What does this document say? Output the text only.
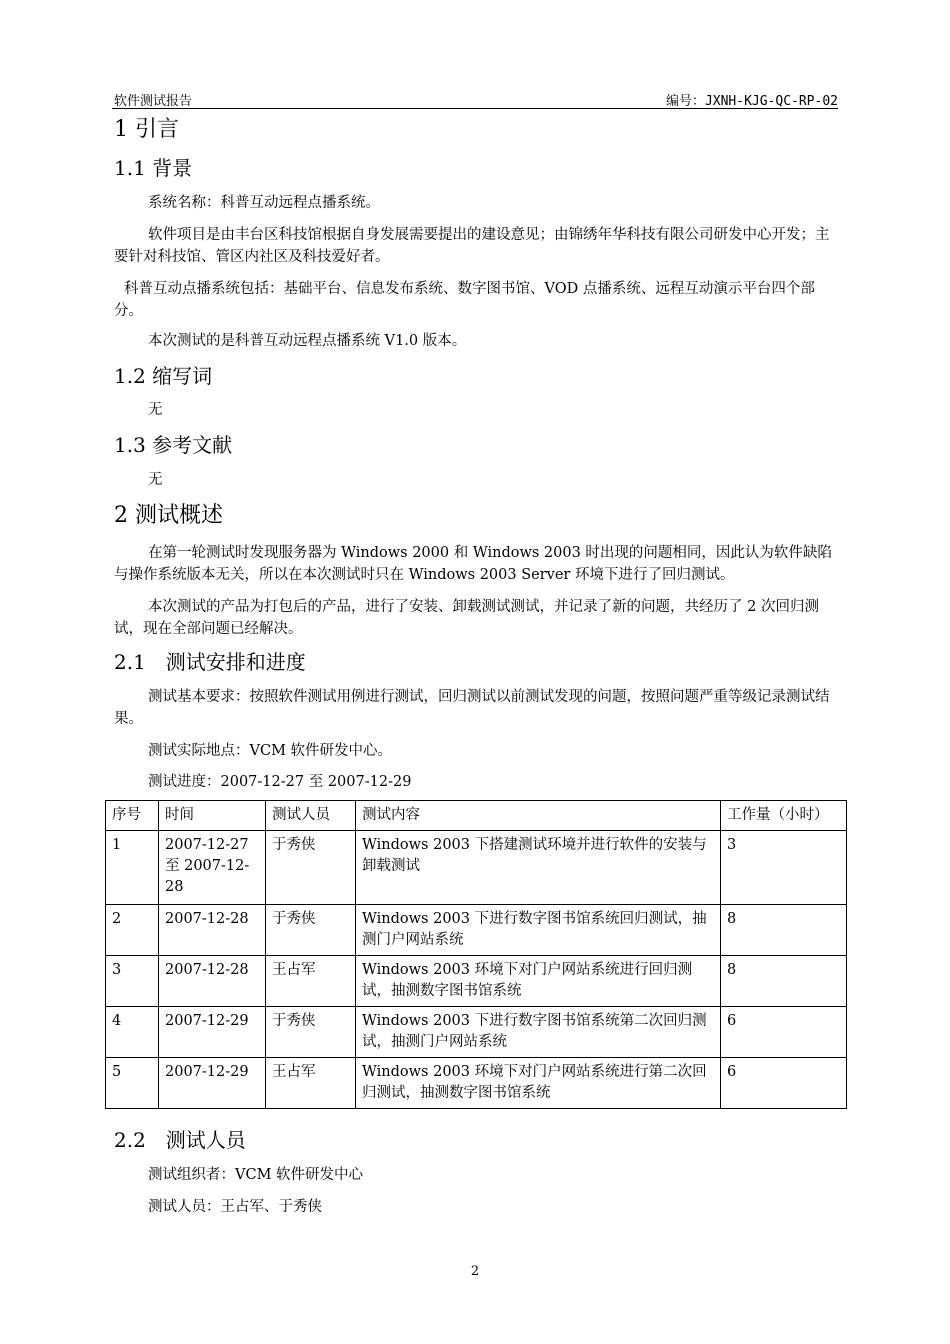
软件测试报告	编号：JXNH-KJG-QC-RP-02
1 引言
1.1 背景
系统名称：科普互动远程点播系统。
软件项目是由丰台区科技馆根据自身发展需要提出的建设意见；由锦绣年华科技有限公司研发中心开发；主要针对科技馆、管区内社区及科技爱好者。
科普互动点播系统包括：基础平台、信息发布系统、数字图书馆、VOD 点播系统、远程互动演示平台四个部分。
本次测试的是科普互动远程点播系统 V1.0 版本。
1.2 缩写词
无
1.3 参考文献
无
2 测试概述
在第一轮测试时发现服务器为 Windows 2000 和 Windows 2003 时出现的问题相同，因此认为软件缺陷与操作系统版本无关，所以在本次测试时只在 Windows 2003 Server 环境下进行了回归测试。
本次测试的产品为打包后的产品，进行了安装、卸载测试测试，并记录了新的问题，共经历了 2 次回归测试，现在全部问题已经解决。
2.1　测试安排和进度
测试基本要求：按照软件测试用例进行测试，回归测试以前测试发现的问题，按照问题严重等级记录测试结果。
测试实际地点：VCM 软件研发中心。
测试进度：2007-12-27 至 2007-12-29
序号	时间	测试人员	测试内容	工作量（小时）
1	2007-12-27 至 2007-12-28	于秀侠	Windows 2003 下搭建测试环境并进行软件的安装与卸载测试	3
2	2007-12-28	于秀侠	Windows 2003 下进行数字图书馆系统回归测试，抽测门户网站系统	8
3	2007-12-28	王占军	Windows 2003 环境下对门户网站系统进行回归测试，抽测数字图书馆系统	8
4	2007-12-29	于秀侠	Windows 2003 下进行数字图书馆系统第二次回归测试，抽测门户网站系统	6
5	2007-12-29	王占军	Windows 2003 环境下对门户网站系统进行第二次回归测试，抽测数字图书馆系统	6
2.2　测试人员
测试组织者：VCM 软件研发中心
测试人员：王占军、于秀侠
2
